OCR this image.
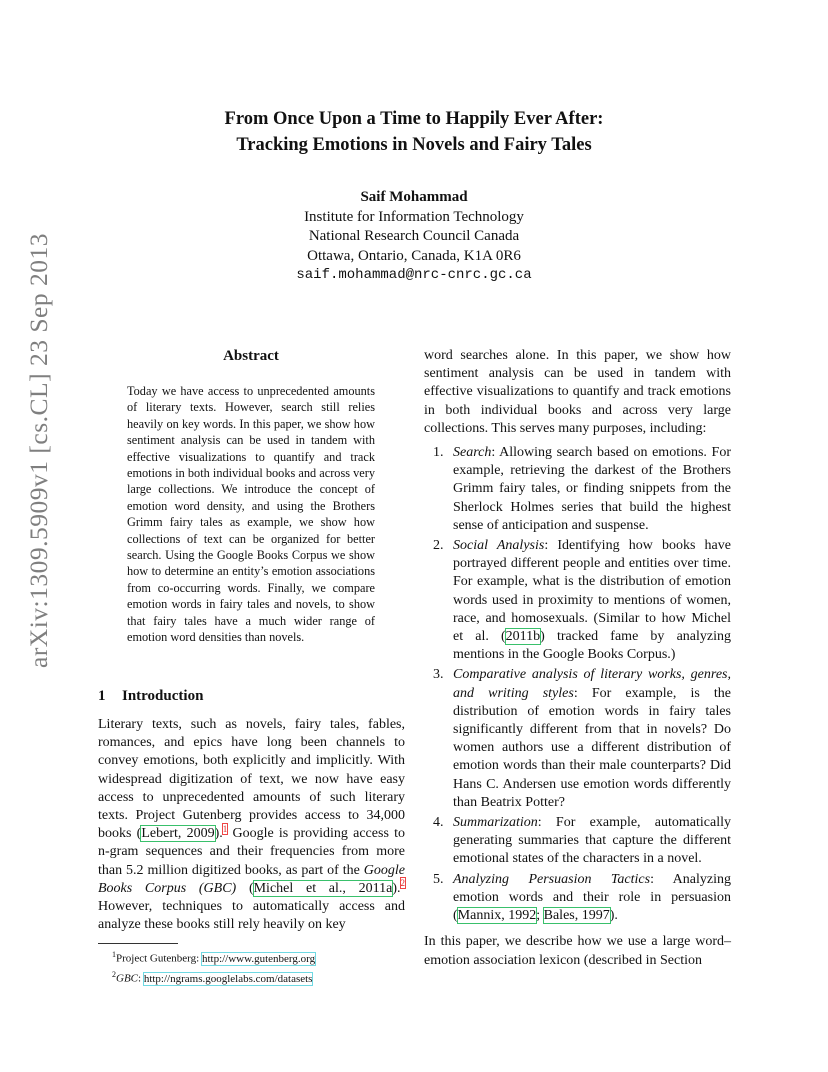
From Once Upon a Time to Happily Ever After:
Tracking Emotions in Novels and Fairy Tales
Saif Mohammad
Institute for Information Technology
National Research Council Canada
Ottawa, Ontario, Canada, K1A 0R6
saif.mohammad@nrc-cnrc.gc.ca
arXiv:1309.5909v1 [cs.CL] 23 Sep 2013	Abstract
Today we have access to unprecedented amounts of literary texts. However, search still relies heavily on key words. In this paper, we show how sentiment analysis can be used in tandem with effective visualizations to quantify and track emotions in both individual books and across very large collections. We introduce the concept of emotion word density, and using the Brothers Grimm fairy tales as example, we show how collections of text can be organized for better search. Using the Google Books Corpus we show how to determine an entity’s emotion associations from co-occurring words. Finally, we compare emotion words in fairy tales and novels, to show that fairy tales have a much wider range of emotion word densities than novels.
1 Introduction
Literary texts, such as novels, fairy tales, fables, romances, and epics have long been channels to convey emotions, both explicitly and implicitly. With widespread digitization of text, we now have easy access to unprecedented amounts of such literary texts. Project Gutenberg provides access to 34,000 books (Lebert, 2009).$^1$ Google is providing access to n-gram sequences and their frequencies from more than 5.2 million digitized books, as part of the Google Books Corpus (GBC) (Michel et al., 2011a).$^2$ However, techniques to automatically access and analyze these books still rely heavily on key
$^1$Project Gutenberg: http://www.gutenberg.org
$^2$GBC: http://ngrams.googlelabs.com/datasets

word searches alone. In this paper, we show how sentiment analysis can be used in tandem with effective visualizations to quantify and track emotions in both individual books and across very large collections. This serves many purposes, including:

1. Search: Allowing search based on emotions. For example, retrieving the darkest of the Brothers Grimm fairy tales, or finding snippets from the Sherlock Holmes series that build the highest sense of anticipation and suspense.
2. Social Analysis: Identifying how books have portrayed different people and entities over time. For example, what is the distribution of emotion words used in proximity to mentions of women, race, and homosexuals. (Similar to how Michel et al. (2011b) tracked fame by analyzing mentions in the Google Books Corpus.)
3. Comparative analysis of literary works, genres, and writing styles: For example, is the distribution of emotion words in fairy tales significantly different from that in novels? Do women authors use a different distribution of emotion words than their male counterparts? Did Hans C. Andersen use emotion words differently than Beatrix Potter?
4. Summarization: For example, automatically generating summaries that capture the different emotional states of the characters in a novel.
5. Analyzing Persuasion Tactics: Analyzing emotion words and their role in persuasion (Mannix, 1992; Bales, 1997).

In this paper, we describe how we use a large word–emotion association lexicon (described in Section
